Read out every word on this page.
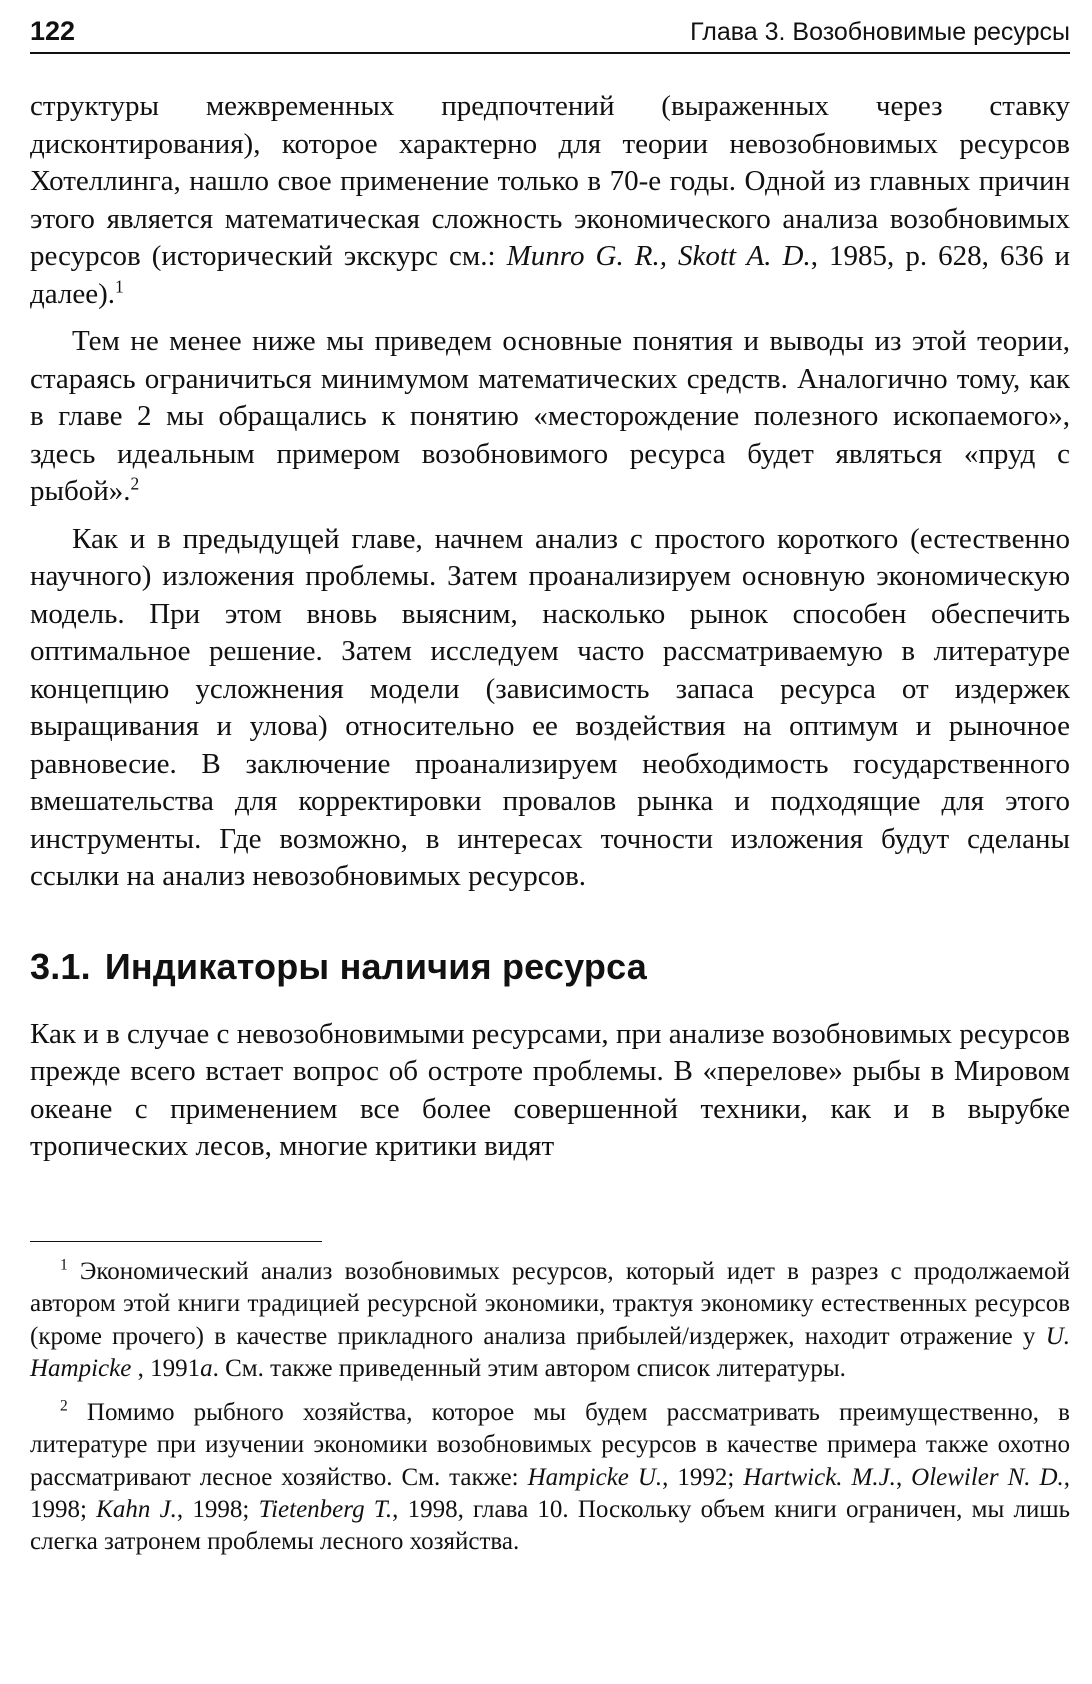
122	Глава 3. Возобновимые ресурсы

структуры межвременных предпочтений (выраженных через ставку дисконтирования), которое характерно для теории невозобновимых ресурсов Хотеллинга, нашло свое применение только в 70-е годы. Одной из главных причин этого является математическая сложность экономического анализа возобновимых ресурсов (исторический экскурс см.: Munro G. R., Skott A. D., 1985, p. 628, 636 и далее).$^1$

Тем не менее ниже мы приведем основные понятия и выводы из этой теории, стараясь ограничиться минимумом математических средств. Аналогично тому, как в главе 2 мы обращались к понятию «месторождение полезного ископаемого», здесь идеальным примером возобновимого ресурса будет являться «пруд с рыбой».$^2$

Как и в предыдущей главе, начнем анализ с простого короткого (естественно научного) изложения проблемы. Затем проанализируем основную экономическую модель. При этом вновь выясним, насколько рынок способен обеспечить оптимальное решение. Затем исследуем часто рассматриваемую в литературе концепцию усложнения модели (зависимость запаса ресурса от издержек выращивания и улова) относительно ее воздействия на оптимум и рыночное равновесие. В заключение проанализируем необходимость государственного вмешательства для корректировки провалов рынка и подходящие для этого инструменты. Где возможно, в интересах точности изложения будут сделаны ссылки на анализ невозобновимых ресурсов.

3.1. Индикаторы наличия ресурса

Как и в случае с невозобновимыми ресурсами, при анализе возобновимых ресурсов прежде всего встает вопрос об остроте проблемы. В «перелове» рыбы в Мировом океане с применением все более совершенной техники, как и в вырубке тропических лесов, многие критики видят

$^1$ Экономический анализ возобновимых ресурсов, который идет в разрез с продолжаемой автором этой книги традицией ресурсной экономики, трактуя экономику естественных ресурсов (кроме прочего) в качестве прикладного анализа прибылей/издержек, находит отражение у U. Hampicke , 1991а. См. также приведенный этим автором список литературы.

$^2$ Помимо рыбного хозяйства, которое мы будем рассматривать преимущественно, в литературе при изучении экономики возобновимых ресурсов в качестве примера также охотно рассматривают лесное хозяйство. См. также: Hampicke U., 1992; Hartwick. M.J., Olewiler N. D., 1998; Kahn J., 1998; Tietenberg T., 1998, глава 10. Поскольку объем книги ограничен, мы лишь слегка затронем проблемы лесного хозяйства.
